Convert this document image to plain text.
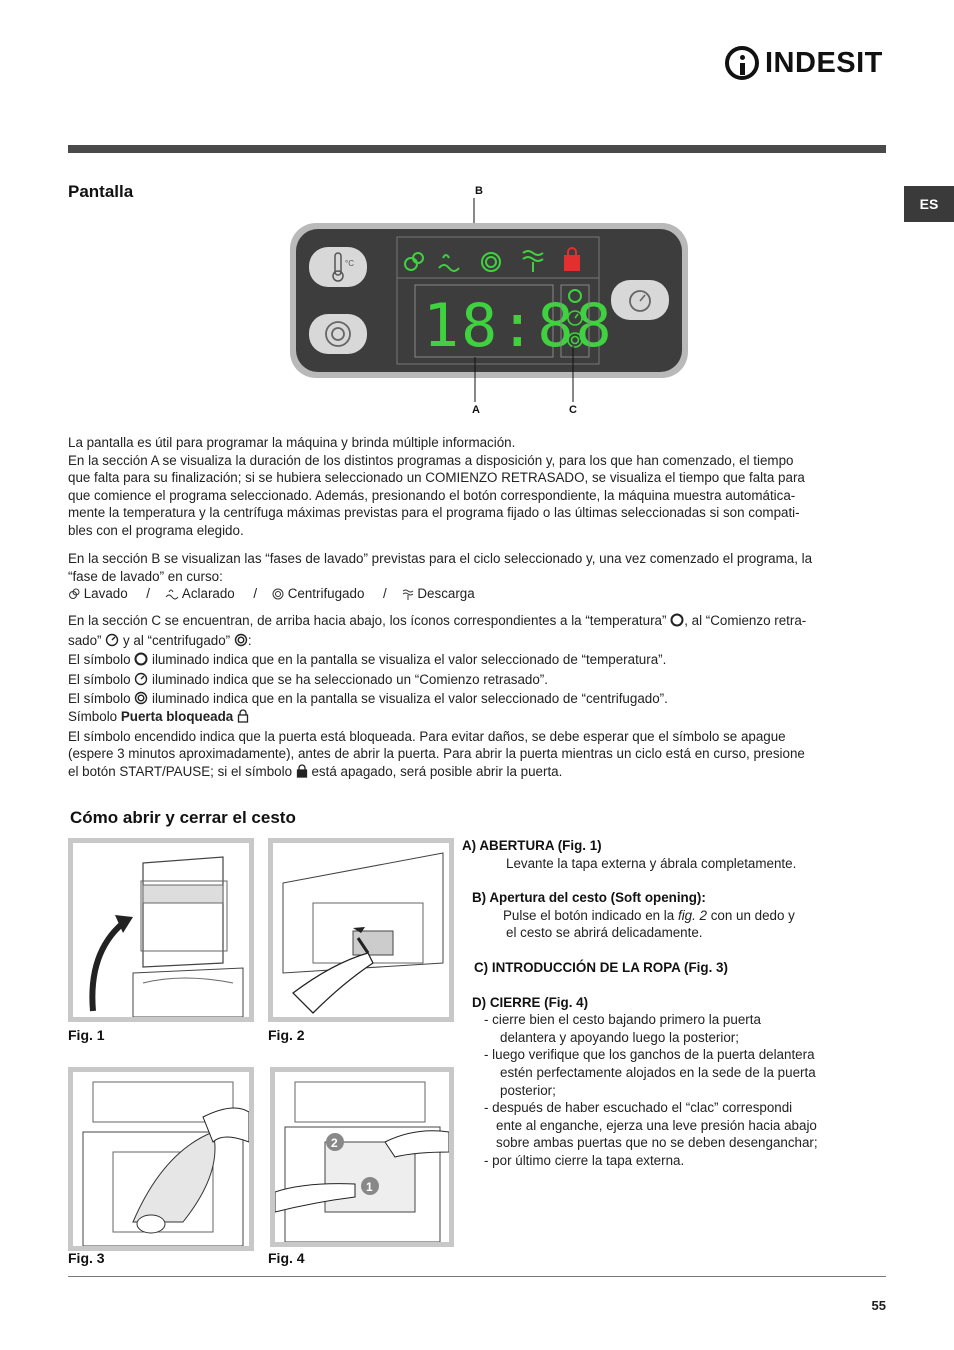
INDESIT
ES
Pantalla	B
°C
18:88
A	C

La pantalla es útil para programar la máquina y brinda múltiple información.

En la sección A se visualiza la duración de los distintos programas a disposición y, para los que han comenzado, el tiempo

que falta para su finalización; si se hubiera seleccionado un COMIENZO RETRASADO, se visualiza el tiempo que falta para

que comience el programa seleccionado. Además, presionando el botón correspondiente, la máquina muestra automática-

mente la temperatura y la centrífuga máximas previstas para el programa fijado o las últimas seleccionadas si son compati-

bles con el programa elegido.

En la sección B se visualizan las “fases de lavado” previstas para el ciclo seleccionado y, una vez comenzado el programa, la

“fase de lavado” en curso:

Lavado / Aclarado / Centrifugado / Descarga

En la sección C se encuentran, de arriba hacia abajo, los íconos correspondientes a la “temperatura” , al “Comienzo retra-

sado” y al “centrifugado” :

El símbolo iluminado indica que en la pantalla se visualiza el valor seleccionado de “temperatura”.

El símbolo iluminado indica que se ha seleccionado un “Comienzo retrasado”.

El símbolo iluminado indica que en la pantalla se visualiza el valor seleccionado de “centrifugado”.

Símbolo Puerta bloqueada

El símbolo encendido indica que la puerta está bloqueada. Para evitar daños, se debe esperar que el símbolo se apague

(espere 3 minutos aproximadamente), antes de abrir la puerta. Para abrir la puerta mientras un ciclo está en curso, presione

el botón START/PAUSE; si el símbolo está apagado, será posible abrir la puerta.

Cómo abrir y cerrar el cesto
Fig. 1	Fig. 2
Fig. 3
2
1
Fig. 4
A) ABERTURA (Fig. 1)
Levante la tapa externa y ábrala completamente.
B) Apertura del cesto (Soft opening):
Pulse el botón indicado en la fig. 2 con un dedo y
el cesto se abrirá delicadamente.
C) INTRODUCCIÓN DE LA ROPA (Fig. 3)
D) CIERRE (Fig. 4)
- cierre bien el cesto bajando primero la puerta
delantera y apoyando luego la posterior;
- luego verifique que los ganchos de la puerta delantera
estén perfectamente alojados en la sede de la puerta
posterior;
- después de haber escuchado el “clac” correspondi
ente al enganche, ejerza una leve presión hacia abajo
sobre ambas puertas que no se deben desenganchar;
- por último cierre la tapa externa.
55
